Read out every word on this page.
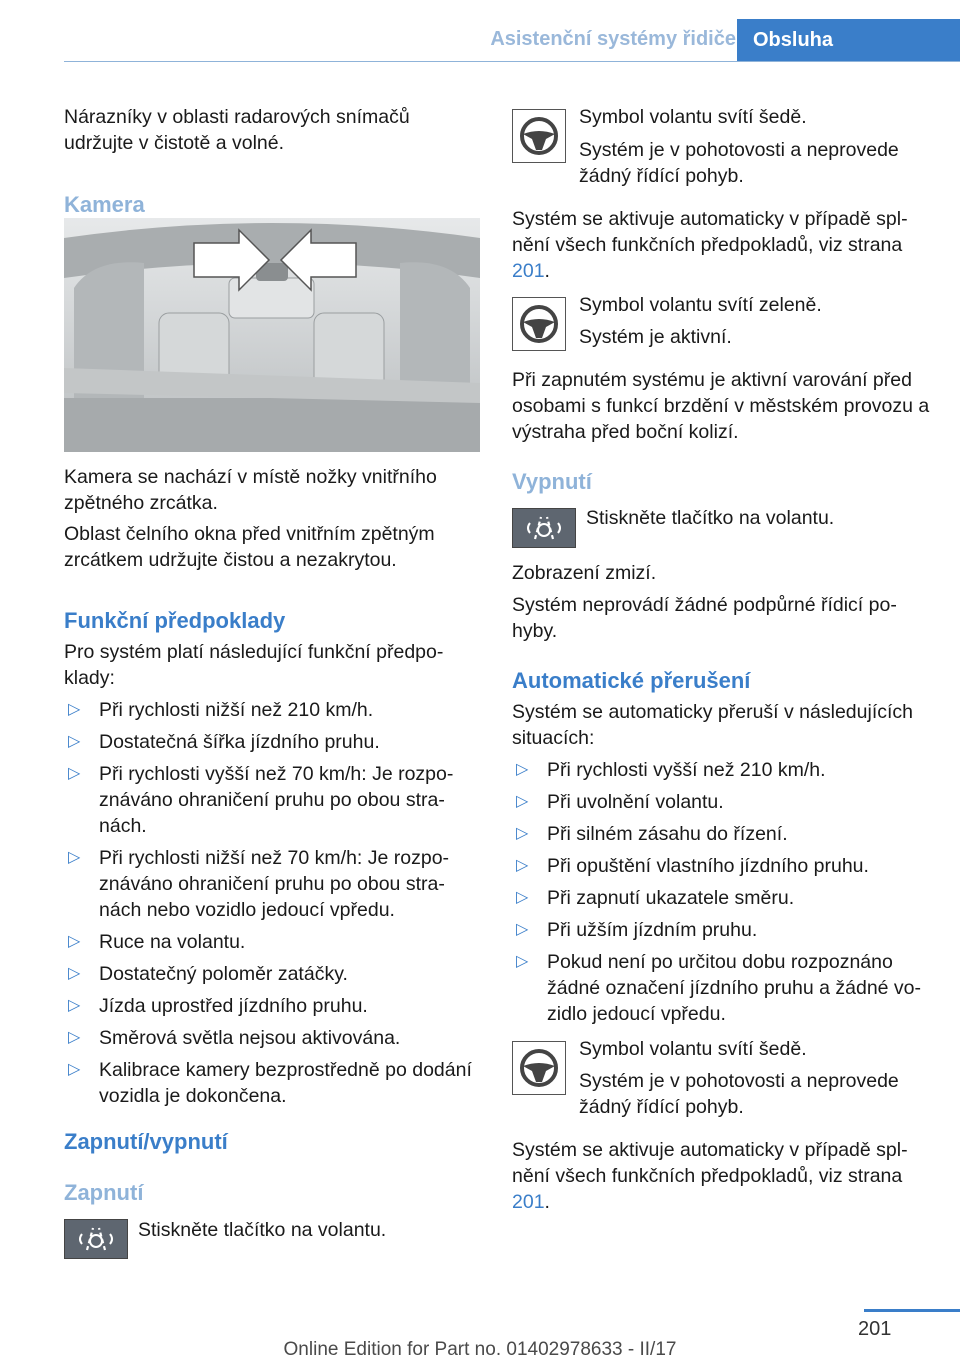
Asistenční systémy řidiče Obsluha

Nárazníky v oblasti radarových snímačů udržujte v čistotě a volné.

Kamera

Kamera se nachází v místě nožky vnitřního zpětného zrcátka.

Oblast čelního okna před vnitřním zpětným zrcátkem udržujte čistou a nezakrytou.

Funkční předpoklady

Pro systém platí následující funkční předpoklady:

▷ Při rychlosti nižší než 210 km/h.
▷ Dostatečná šířka jízdního pruhu.
▷ Při rychlosti vyšší než 70 km/h: Je rozpoznáváno ohraničení pruhu po obou stranách.
▷ Při rychlosti nižší než 70 km/h: Je rozpoznáváno ohraničení pruhu po obou stranách nebo vozidlo jedoucí vpředu.
▷ Ruce na volantu.
▷ Dostatečný poloměr zatáčky.
▷ Jízda uprostřed jízdního pruhu.
▷ Směrová světla nejsou aktivována.
▷ Kalibrace kamery bezprostředně po dodání vozidla je dokončena.
Zapnutí/vypnutí
Zapnutí

Stiskněte tlačítko na volantu.

Symbol volantu svítí šedě.

Systém je v pohotovosti a neprovede žádný řídící pohyb.

Systém se aktivuje automaticky v případě splnění všech funkčních předpokladů, viz strana 201.

Symbol volantu svítí zeleně.

Systém je aktivní.

Při zapnutém systému je aktivní varování před osobami s funkcí brzdění v městském provozu a výstraha před boční kolizí.

Vypnutí

Stiskněte tlačítko na volantu.

Zobrazení zmizí.

Systém neprovádí žádné podpůrné řídicí pohyby.

Automatické přerušení

Systém se automaticky přeruší v následujících situacích:

▷ Při rychlosti vyšší než 210 km/h.
▷ Při uvolnění volantu.
▷ Při silném zásahu do řízení.
▷ Při opuštění vlastního jízdního pruhu.
▷ Při zapnutí ukazatele směru.
▷ Při užším jízdním pruhu.
▷ Pokud není po určitou dobu rozpoznáno žádné označení jízdního pruhu a žádné vozidlo jedoucí vpředu.

Symbol volantu svítí šedě.

Systém je v pohotovosti a neprovede žádný řídící pohyb.

Systém se aktivuje automaticky v případě splnění všech funkčních předpokladů, viz strana 201.

201
Online Edition for Part no. 01402978633 - II/17
